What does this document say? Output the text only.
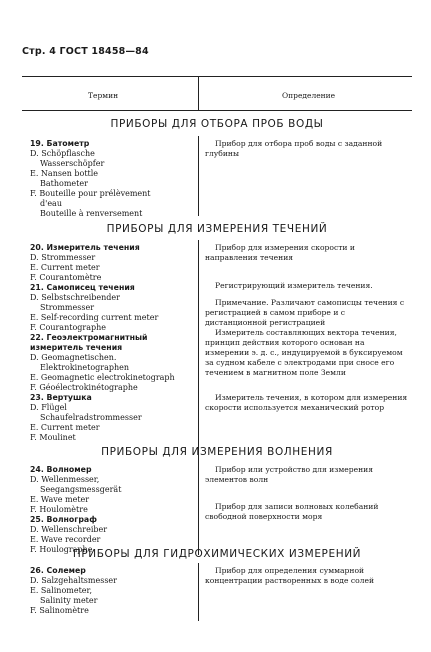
Стр. 4 ГОСТ 18458—84
Термин	Определение
ПРИБОРЫ ДЛЯ ОТБОРА ПРОБ ВОДЫ
19. Батометр
D. Schöpflasche
Wasserschöpfer
E. Nansen bottle
Bathometer
F. Bouteille pour prélèvement
d'eau
Bouteille à renversement
Прибор для отбора проб воды с заданной глубины
ПРИБОРЫ ДЛЯ ИЗМЕРЕНИЯ ТЕЧЕНИЙ
20. Измеритель течения
D. Strommesser
E. Current meter
F. Courantomètre
21. Самописец течения
D. Selbstschreibender
Strommesser
E. Self-recording current meter
F. Courantographe
22. Геоэлектромагнитный измеритель течения
D. Geomagnetischen.
Elektrokinetographen
E. Geomagnetic electrokinetograph
F. Géoélectrokinétographe
23. Вертушка
D. Flügel
Schaufelradstrommesser
E. Current meter
F. Moulinet
Прибор для измерения скорости и направления течения
Регистрирующий измеритель течения.
Примечание. Различают самописцы течения с регистрацией в самом приборе и с дистанционной регистрацией
Измеритель составляющих вектора течения, принцип действия которого основан на измерении э. д. с., индуцируемой в буксируемом за судном кабеле с электродами при сносе его течением в магнитном поле Земли
Измеритель течения, в котором для измерения скорости используется механический ротор
ПРИБОРЫ ДЛЯ ИЗМЕРЕНИЯ ВОЛНЕНИЯ
24. Волномер
D. Wellenmesser,
Seegangsmessgerät
E. Wave meter
F. Houlomètre
25. Волнограф
D. Wellenschreiber
E. Wave recorder
F. Houlographe
Прибор или устройство для измерения элементов волн
Прибор для записи волновых колебаний свободной поверхности моря
ПРИБОРЫ ДЛЯ ГИДРОХИМИЧЕСКИХ ИЗМЕРЕНИЙ
26. Солемер
D. Salzgehaltsmesser
E. Salinometer,
Salinity meter
F. Salinomètre
Прибор для определения суммарной концентрации растворенных в воде солей
